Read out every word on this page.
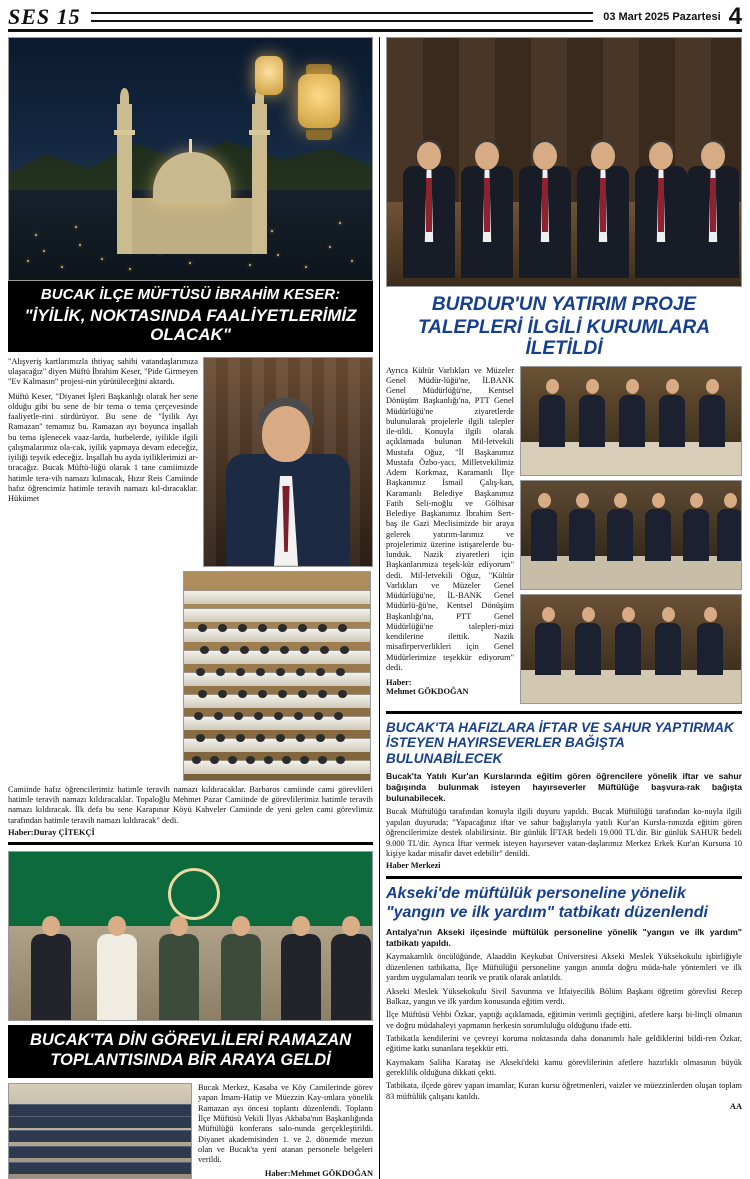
SES 15	03 Mart 2025 Pazartesi 4
BUCAK İLÇE MÜFTÜSÜ İBRAHİM KESER:
"İYİLİK, NOKTASINDA FAALİYETLERİMİZ OLACAK"

"Alışveriş kartlarımızla ihtiyaç sahibi vatandaşlarımıza ulaşacağız" diyen Müftü İbrahim Keser, "Pide Girmeyen "Ev Kalmasın" projesi-nin yürütüleceğini aktardı.

Müftü Keser, "Diyanet İşleri Başkanlığı olarak her sene olduğu gibi bu sene de bir tema o tema çerçevesinde faaliyetle-rini sürdürüyor. Bu sene de "İyilik Ayı Ramazan" temamız bu. Ramazan ayı boyunca inşallah bu tema işlenecek vaaz-larda, hutbelerde, iyilikle ilgili çalışmalarımız ola-cak, iyilik yapmaya devam edeceğiz, iyiliği teşvik edeceğiz. İnşallah bu ayda iyiliklerimizi ar-tıracağız. Bucak Müftü-lüğü olarak 1 tane camiimizde hatimle tera-vih namazı kılınacak, Hızır Reis Camiinde hafız öğrencimiz hatimle teravih namazı kıl-dıracaklar. Hükümet

Camiinde hafız öğrencilerimiz hatimle teravih namazı kıldıracaklar. Barbaros camiinde cami görevlileri hatimle teravih namazı kıldıracaklar. Topaloğlu Mehmet Pazar Camiinde de görevlilerimiz hatimle teravih namazı kıldıracak. İlk defa bu sene Karapınar Köyü Kahveler Camiinde de yeni gelen cami görevlimiz tarafından hatimle teravih namazı kıldıracak" dedi.

Haber:Duray ÇİTEKÇİ
BUCAK'TA DİN GÖREVLİLERİ RAMAZAN
TOPLANTISINDA BİR ARAYA GELDİ

Bucak Merkez, Kasaba ve Köy Camilerinde görev yapan İmam-Hatip ve Müezzin Kay-ımlara yönelik Ramazan ayı öncesi toplantı düzenlendi. Toplantı İlçe Müftüsü Vekili İlyas Akbaba'nın Başkanlığında Müftülüğü konferans salo-nunda gerçekleştirildi. Diyanet akademisinden 1. ve 2. dönemde mezun olan ve Bucak'ta yeni atanan personele belgeleri verildi.

Haber:Mehmet GÖKDOĞAN
BURDUR'UN YATIRIM PROJE
TALEPLERİ İLGİLİ KURUMLARA İLETİLDİ

Ayrıca Kültür Varlıkları ve Müzeler Genel Müdür-lüğü'ne, İLBANK Genel Müdürlüğü'ne, Kentsel Dönüşüm Başkanlığı'na, PTT Genel Müdürlüğü'ne ziyaretlerde bulunularak projelerle ilgili talepler ile-tildi. Konuyla ilgili olarak açıklamada bulunan Mil-letvekili Mustafa Oğuz, "İl Başkanımız Mustafa Özbo-yacı, Milletvekilimiz Adem Korkmaz, Karamanlı İlçe Başkanımız İsmail Çalış-kan, Karamanlı Belediye Başkanımız Fatih Seli-moğlu ve Gölhisar Belediye Başkanımız İbrahim Sert-baş ile Gazi Meclisimizde bir araya gelerek yatırım-larımız ve projelerimiz üzerine istişarelerde bu-lunduk. Nazik ziyaretleri için Başkanlarımıza teşek-kür ediyorum" dedi. Mil-letvekili Oğuz, "Kültür Varlıkları ve Müzeler Genel Müdürlüğü'ne, İL-BANK Genel Müdürlü-ğü'ne, Kentsel Dönüşüm Başkanlığı'na, PTT Genel Müdürlüğü'ne talepleri-mizi kendilerine ilettik. Nazik misafirperverlikleri için Genel Müdürlerimize teşekkür ediyorum" dedi.

Haber:
Mehmet GÖKDOĞAN
BUCAK'TA HAFIZLARA İFTAR VE SAHUR YAPTIRMAK
İSTEYEN HAYIRSEVERLER BAĞIŞTA BULUNABİLECEK

Bucak'ta Yatılı Kur'an Kurslarında eğitim gören öğrencilere yönelik iftar ve sahur bağışında bulunmak isteyen hayırseverler Müftülüğe başvura-rak bağışta bulunabilecek.

Bucak Müftülüğü tarafından konuyla ilgili duyuru yapıldı. Bucak Müftülüğü tarafından ko-nuyla ilgili yapılan duyuruda; "Yapacağınız iftar ve sahur bağışlarıyla yatılı Kur'an Kursla-rımızda eğitim gören öğrencilerimize destek olabilirsiniz. Bir günlük İFTAR bedeli 19.000 TL'dir. Bir günlük SAHUR bedeli 9.000 TL'dir. Ayrıca İftar vermek isteyen hayırsever vatan-daşlarımız Merkez Erkek Kur'an Kursuna 10 kişiye kadar misafir davet edebilir" denildi.

Haber Merkezi
Akseki'de müftülük personeline yönelik
"yangın ve ilk yardım" tatbikatı düzenlendi

Antalya'nın Akseki ilçesinde müftülük personeline yönelik "yangın ve ilk yardım" tatbikatı yapıldı.

Kaymakamlık öncülüğünde, Alaaddin Keykubat Üniversitesi Akseki Meslek Yüksekokulu işbirliğiyle düzenlenen tatbikatta, İlçe Müftülüğü personeline yangın anında doğru müda-hale yöntemleri ve ilk yardım uygulamaları teorik ve pratik olarak anlatıldı.

Akseki Meslek Yüksekokulu Sivil Savunma ve İtfaiyecilik Bölüm Başkanı öğretim görevlisi Recep Balkaz, yangın ve ilk yardım konusunda eğitim verdi.

İlçe Müftüsü Vehbi Özkar, yaptığı açıklamada, eğitimin verimli geçtiğini, afetlere karşı bi-linçli olmanın ve doğru müdahaleyi yapmanın herkesin sorumluluğu olduğunu ifade etti.

Tatbikatla kendilerini ve çevreyi koruma noktasında daha donanımlı hale geldiklerini bildi-ren Özkar, eğitime katkı sunanlara teşekkür etti.

Kaymakam Saliha Karataş ise Akseki'deki kamu görevlilerinin afetlere hazırlıklı olmasının büyük gereklilik olduğuna dikkati çekti.

Tatbikata, ilçede görev yapan imamlar, Kuran kursu öğretmenleri, vaizler ve müezzinlerden oluşan toplam 83 müftülük çalışanı katıldı.

AA
